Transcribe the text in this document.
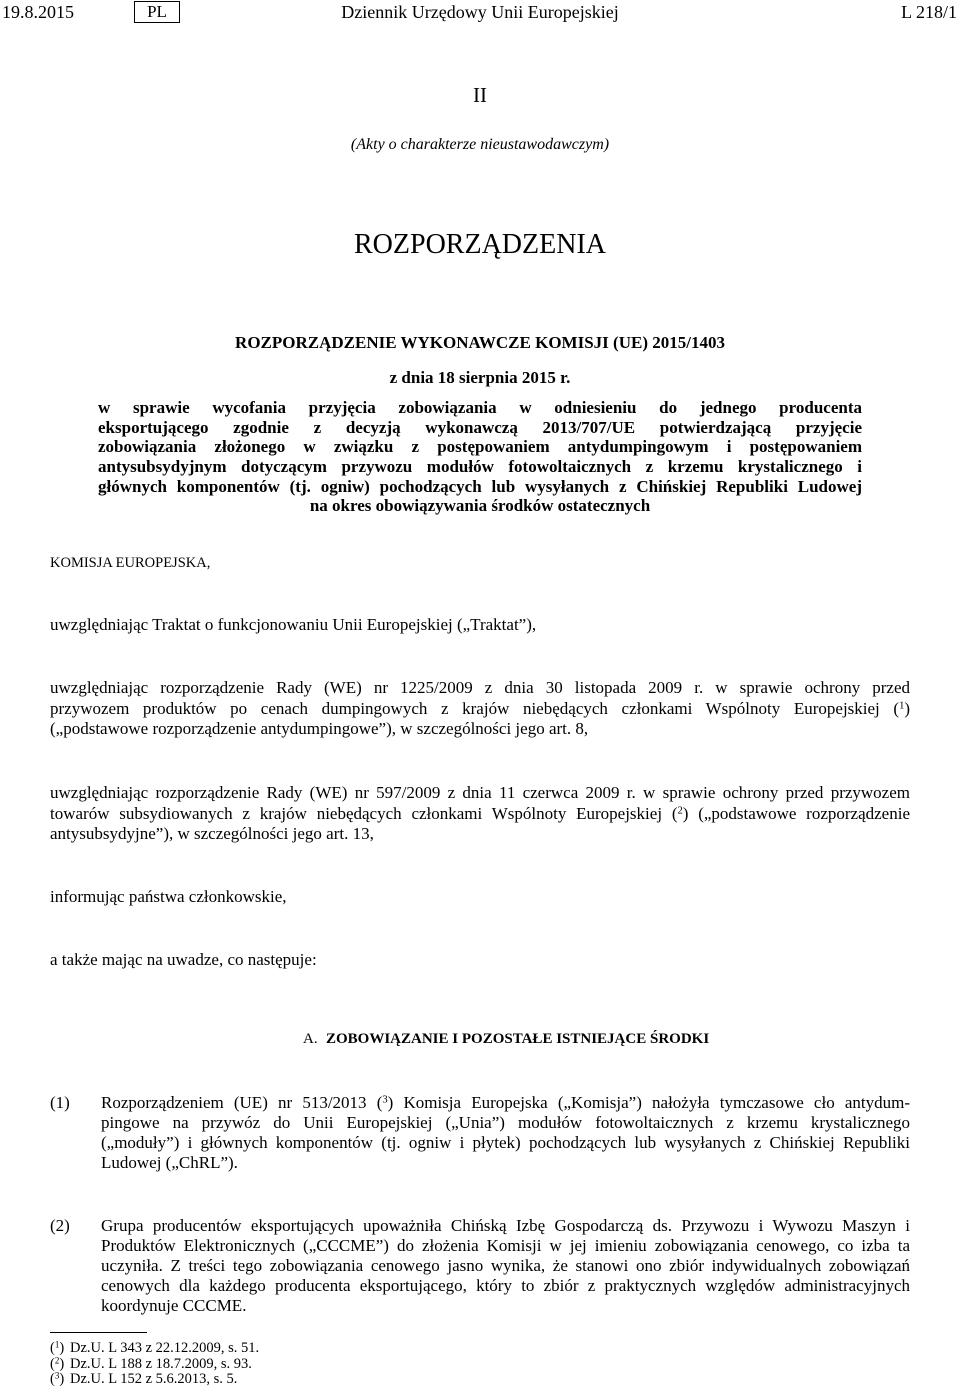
19.8.2015	PL	Dziennik Urzędowy Unii Europejskiej	L 218/1
II
(Akty o charakterze nieustawodawczym)
ROZPORZĄDZENIA
ROZPORZĄDZENIE WYKONAWCZE KOMISJI (UE) 2015/1403
z dnia 18 sierpnia 2015 r.
w sprawie wycofania przyjęcia zobowiązania w odniesieniu do jednego producenta
eksportującego zgodnie z decyzją wykonawczą 2013/707/UE potwierdzającą przyjęcie
zobowiązania złożonego w związku z postępowaniem antydumpingowym i postępowaniem
antysubsydyjnym dotyczącym przywozu modułów fotowoltaicznych z krzemu krystalicznego i
głównych komponentów (tj. ogniw) pochodzących lub wysyłanych z Chińskiej Republiki Ludowej
na okres obowiązywania środków ostatecznych
KOMISJA EUROPEJSKA,
uwzględniając Traktat o funkcjonowaniu Unii Europejskiej („Traktat”),
uwzględniając rozporządzenie Rady (WE) nr 1225/2009 z dnia 30 listopada 2009 r. w sprawie ochrony przed
przywozem produktów po cenach dumpingowych z krajów niebędących członkami Wspólnoty Europejskiej ($^1$)
(„podstawowe rozporządzenie antydumpingowe”), w szczególności jego art. 8,
uwzględniając rozporządzenie Rady (WE) nr 597/2009 z dnia 11 czerwca 2009 r. w sprawie ochrony przed przywozem
towarów subsydiowanych z krajów niebędących członkami Wspólnoty Europejskiej ($^2$) („podstawowe rozporządzenie
antysubsydyjne”), w szczególności jego art. 13,
informując państwa członkowskie,
a także mając na uwadze, co następuje:
A. ZOBOWIĄZANIE I POZOSTAŁE ISTNIEJĄCE ŚRODKI
(1) Rozporządzeniem (UE) nr 513/2013 ($^3$) Komisja Europejska („Komisja”) nałożyła tymczasowe cło antydum-
pingowe na przywóz do Unii Europejskiej („Unia”) modułów fotowoltaicznych z krzemu krystalicznego
(„moduły”) i głównych komponentów (tj. ogniw i płytek) pochodzących lub wysyłanych z Chińskiej Republiki
Ludowej („ChRL”).
(2) Grupa producentów eksportujących upoważniła Chińską Izbę Gospodarczą ds. Przywozu i Wywozu Maszyn i
Produktów Elektronicznych („CCCME”) do złożenia Komisji w jej imieniu zobowiązania cenowego, co izba ta
uczyniła. Z treści tego zobowiązania cenowego jasno wynika, że stanowi ono zbiór indywidualnych zobowiązań
cenowych dla każdego producenta eksportującego, który to zbiór z praktycznych względów administracyjnych
koordynuje CCCME.
($^1$) Dz.U. L 343 z 22.12.2009, s. 51.
($^2$) Dz.U. L 188 z 18.7.2009, s. 93.
($^3$) Dz.U. L 152 z 5.6.2013, s. 5.
